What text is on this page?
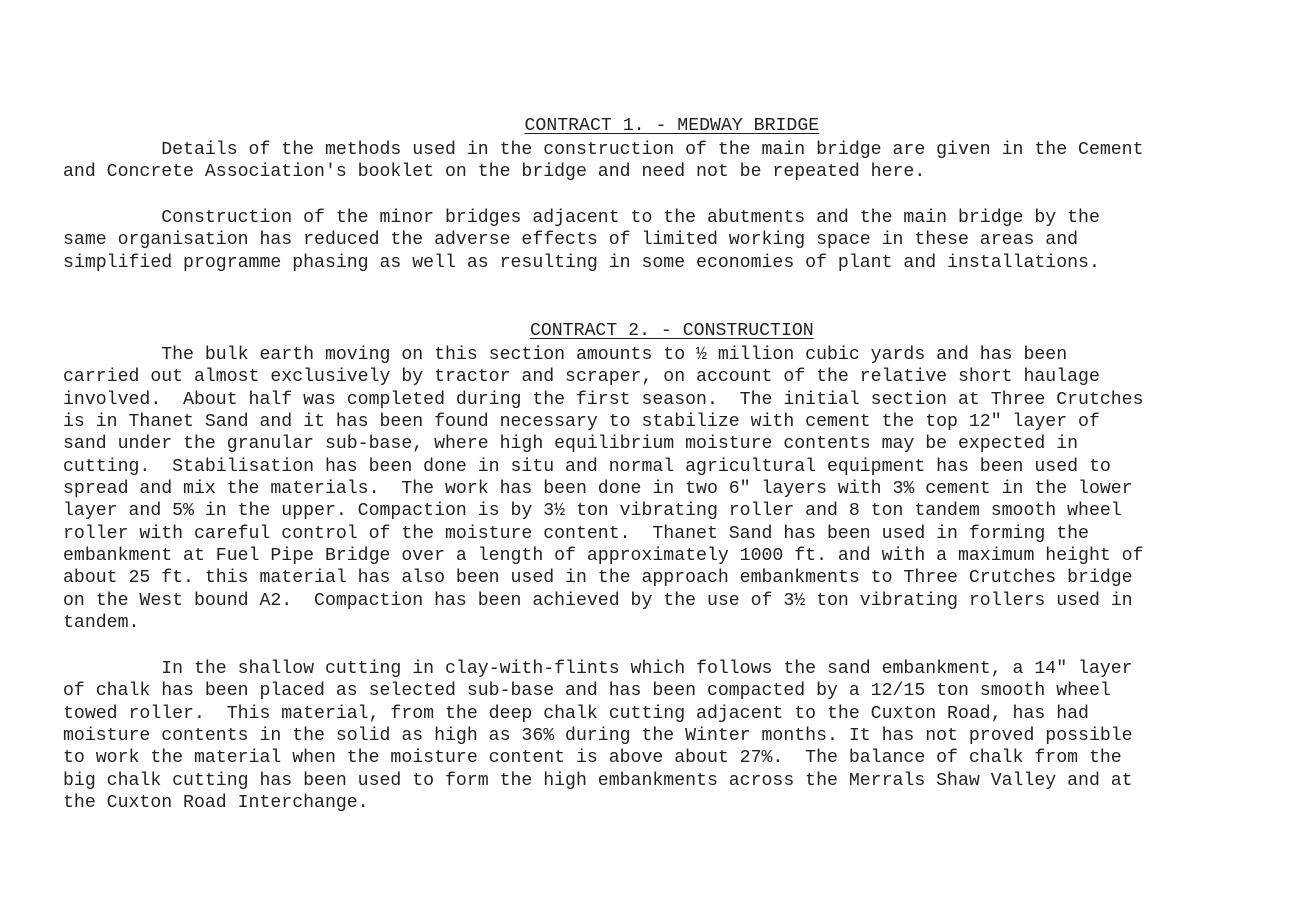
CONTRACT 1. - MEDWAY BRIDGE

Details of the methods used in the construction of the main bridge are given in the Cement
and Concrete Association's booklet on the bridge and need not be repeated here.
Construction of the minor bridges adjacent to the abutments and the main bridge by the
same organisation has reduced the adverse effects of limited working space in these areas and
simplified programme phasing as well as resulting in some economies of plant and installations.

CONTRACT 2. - CONSTRUCTION

The bulk earth moving on this section amounts to ½ million cubic yards and has been
carried out almost exclusively by tractor and scraper, on account of the relative short haulage
involved.  About half was completed during the first season.  The initial section at Three Crutches
is in Thanet Sand and it has been found necessary to stabilize with cement the top 12" layer of
sand under the granular sub-base, where high equilibrium moisture contents may be expected in
cutting.  Stabilisation has been done in situ and normal agricultural equipment has been used to
spread and mix the materials.  The work has been done in two 6" layers with 3% cement in the lower
layer and 5% in the upper. Compaction is by 3½ ton vibrating roller and 8 ton tandem smooth wheel
roller with careful control of the moisture content.  Thanet Sand has been used in forming the
embankment at Fuel Pipe Bridge over a length of approximately 1000 ft. and with a maximum height of
about 25 ft. this material has also been used in the approach embankments to Three Crutches bridge
on the West bound A2.  Compaction has been achieved by the use of 3½ ton vibrating rollers used in
tandem.
In the shallow cutting in clay-with-flints which follows the sand embankment, a 14" layer
of chalk has been placed as selected sub-base and has been compacted by a 12/15 ton smooth wheel
towed roller.  This material, from the deep chalk cutting adjacent to the Cuxton Road, has had
moisture contents in the solid as high as 36% during the Winter months. It has not proved possible
to work the material when the moisture content is above about 27%.  The balance of chalk from the
big chalk cutting has been used to form the high embankments across the Merrals Shaw Valley and at
the Cuxton Road Interchange.
